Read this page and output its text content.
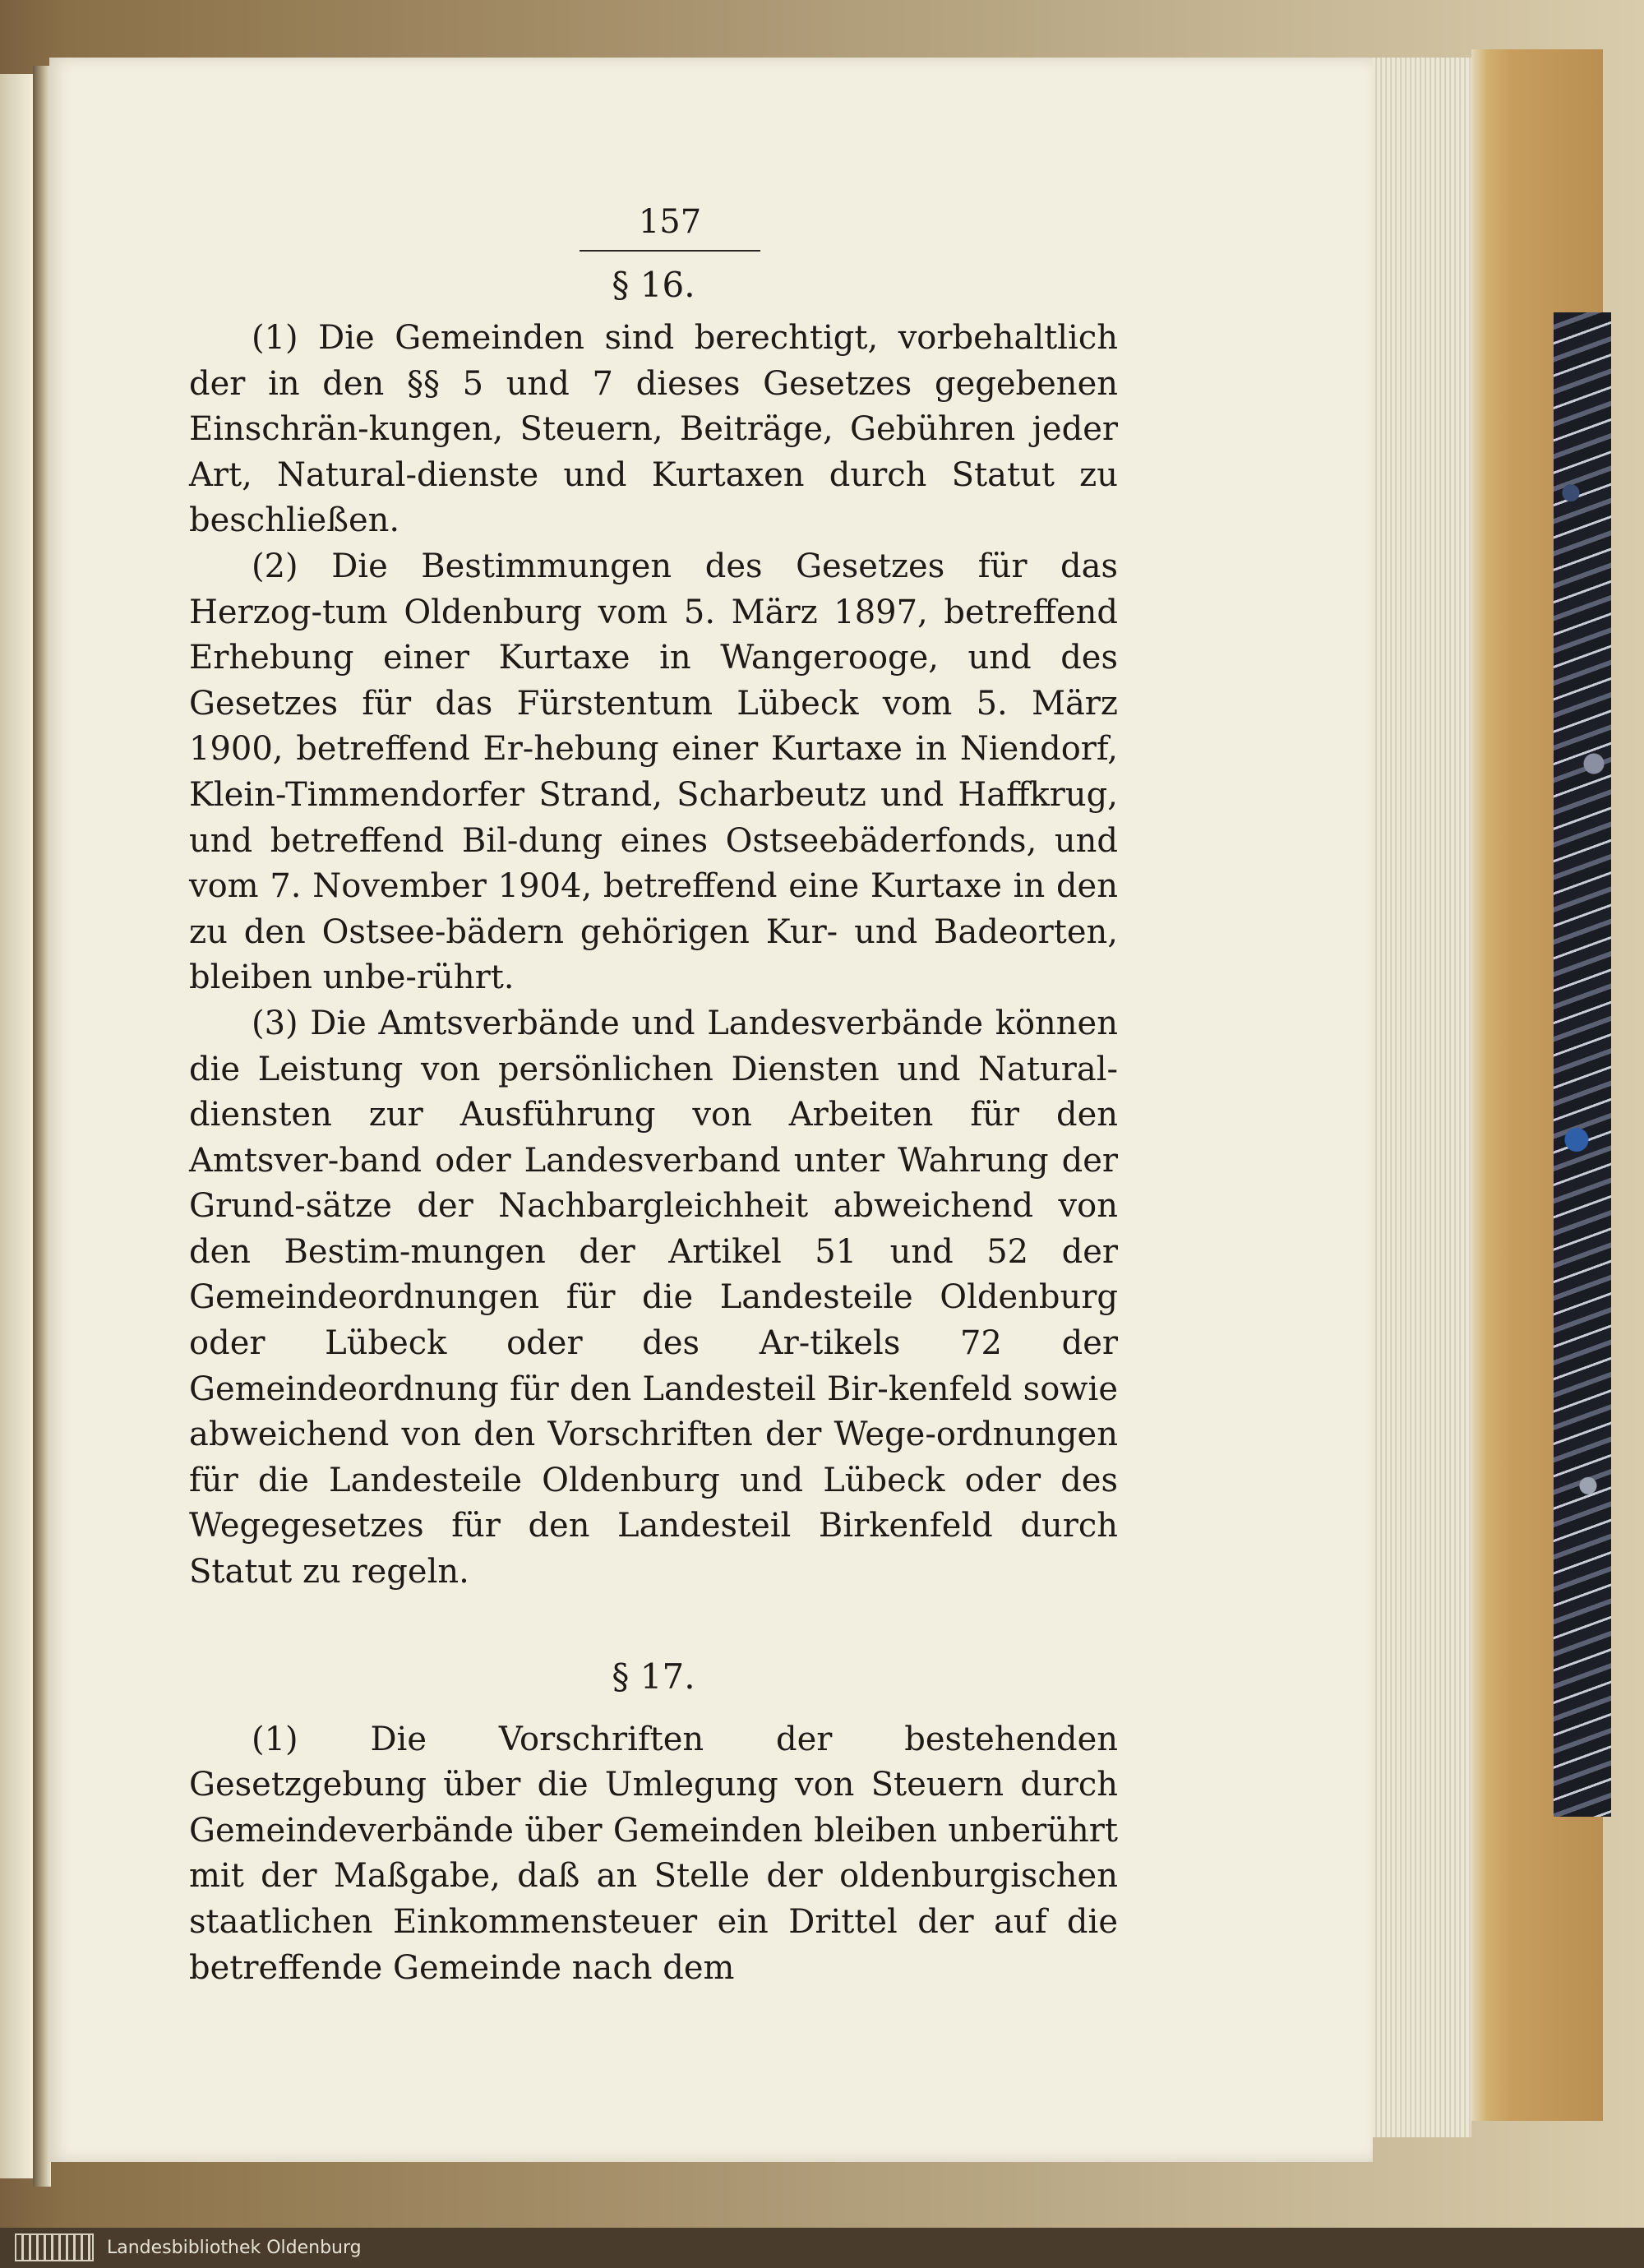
157
§ 16.

(1) Die Gemeinden sind berechtigt, vorbehaltlich der in den §§ 5 und 7 dieses Gesetzes gegebenen Einschrän-kungen, Steuern, Beiträge, Gebühren jeder Art, Natural-dienste und Kurtaxen durch Statut zu beschließen.

(2) Die Bestimmungen des Gesetzes für das Herzog-tum Oldenburg vom 5. März 1897, betreffend Erhebung einer Kurtaxe in Wangerooge, und des Gesetzes für das Fürstentum Lübeck vom 5. März 1900, betreffend Er-hebung einer Kurtaxe in Niendorf, Klein-Timmendorfer Strand, Scharbeutz und Haffkrug, und betreffend Bil-dung eines Ostseebäderfonds, und vom 7. November 1904, betreffend eine Kurtaxe in den zu den Ostsee-bädern gehörigen Kur- und Badeorten, bleiben unbe-rührt.

(3) Die Amtsverbände und Landesverbände können die Leistung von persönlichen Diensten und Natural-diensten zur Ausführung von Arbeiten für den Amtsver-band oder Landesverband unter Wahrung der Grund-sätze der Nachbargleichheit abweichend von den Bestim-mungen der Artikel 51 und 52 der Gemeindeordnungen für die Landesteile Oldenburg oder Lübeck oder des Ar-tikels 72 der Gemeindeordnung für den Landesteil Bir-kenfeld sowie abweichend von den Vorschriften der Wege-ordnungen für die Landesteile Oldenburg und Lübeck oder des Wegegesetzes für den Landesteil Birkenfeld durch Statut zu regeln.

§ 17.

(1) Die Vorschriften der bestehenden Gesetzgebung über die Umlegung von Steuern durch Gemeindeverbände über Gemeinden bleiben unberührt mit der Maßgabe, daß an Stelle der oldenburgischen staatlichen Einkommensteuer ein Drittel der auf die betreffende Gemeinde nach dem

Landesbibliothek Oldenburg
